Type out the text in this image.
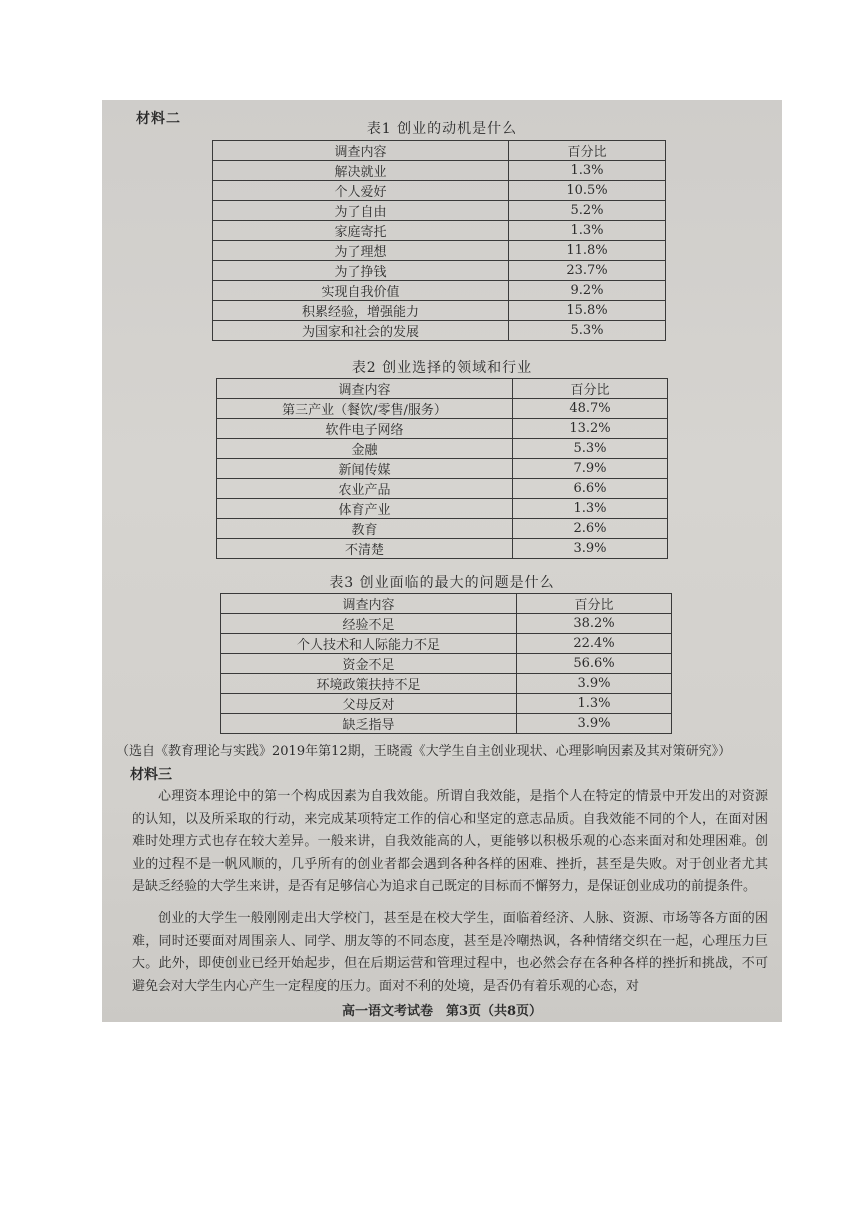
材料二
表1 创业的动机是什么
调查内容	百分比
解决就业	1.3%
个人爱好	10.5%
为了自由	5.2%
家庭寄托	1.3%
为了理想	11.8%
为了挣钱	23.7%
实现自我价值	9.2%
积累经验，增强能力	15.8%
为国家和社会的发展	5.3%
表2 创业选择的领域和行业
调查内容	百分比
第三产业（餐饮/零售/服务）	48.7%
软件电子网络	13.2%
金融	5.3%
新闻传媒	7.9%
农业产品	6.6%
体育产业	1.3%
教育	2.6%
不清楚	3.9%
表3 创业面临的最大的问题是什么
调查内容	百分比
经验不足	38.2%
个人技术和人际能力不足	22.4%
资金不足	56.6%
环境政策扶持不足	3.9%
父母反对	1.3%
缺乏指导	3.9%
（选自《教育理论与实践》2019年第12期，王晓霞《大学生自主创业现状、心理影响因素及其对策研究》）
材料三
心理资本理论中的第一个构成因素为自我效能。所谓自我效能，是指个人在特定的情景中开发出的对资源的认知，以及所采取的行动，来完成某项特定工作的信心和坚定的意志品质。自我效能不同的个人，在面对困难时处理方式也存在较大差异。一般来讲，自我效能高的人，更能够以积极乐观的心态来面对和处理困难。创业的过程不是一帆风顺的，几乎所有的创业者都会遇到各种各样的困难、挫折，甚至是失败。对于创业者尤其是缺乏经验的大学生来讲，是否有足够信心为追求自己既定的目标而不懈努力，是保证创业成功的前提条件。
创业的大学生一般刚刚走出大学校门，甚至是在校大学生，面临着经济、人脉、资源、市场等各方面的困难，同时还要面对周围亲人、同学、朋友等的不同态度，甚至是冷嘲热讽，各种情绪交织在一起，心理压力巨大。此外，即使创业已经开始起步，但在后期运营和管理过程中，也必然会存在各种各样的挫折和挑战，不可避免会对大学生内心产生一定程度的压力。面对不利的处境，是否仍有着乐观的心态，对
高一语文考试卷　第3页（共8页）
